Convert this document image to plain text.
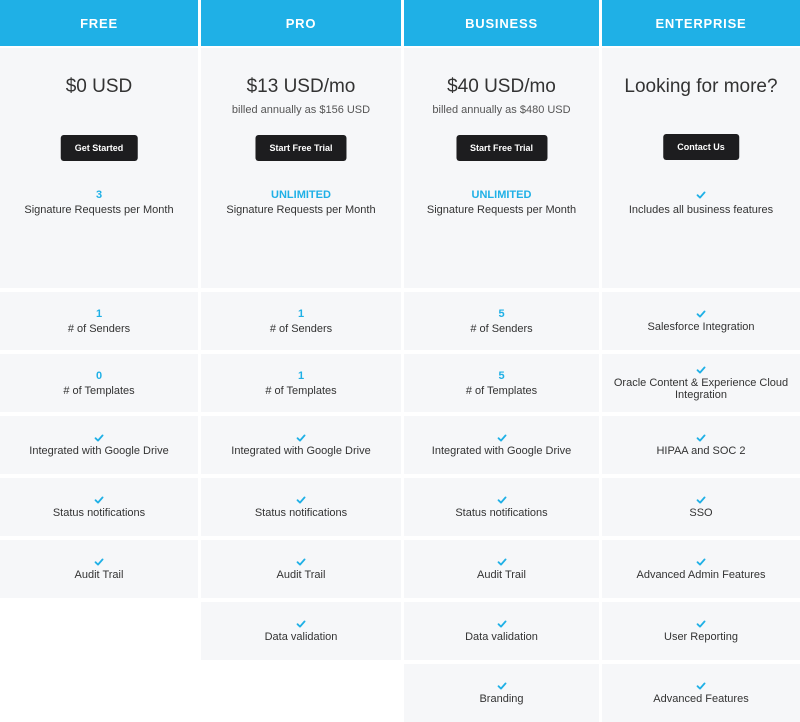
FREE
$0 USD
Get Started
3
Signature Requests per Month
1
# of Senders
0
# of Templates
Integrated with Google Drive
Status notifications
Audit Trail
PRO
$13 USD/mo
billed annually as $156 USD
Start Free Trial
UNLIMITED
Signature Requests per Month
1
# of Senders
1
# of Templates
Integrated with Google Drive
Status notifications
Audit Trail
Data validation
BUSINESS
$40 USD/mo
billed annually as $480 USD
Start Free Trial
UNLIMITED
Signature Requests per Month
5
# of Senders
5
# of Templates
Integrated with Google Drive
Status notifications
Audit Trail
Data validation
Branding
ENTERPRISE
Looking for more?
Contact Us
Includes all business features
Salesforce Integration
Oracle Content & Experience Cloud Integration
HIPAA and SOC 2
SSO
Advanced Admin Features
User Reporting
Advanced Features
